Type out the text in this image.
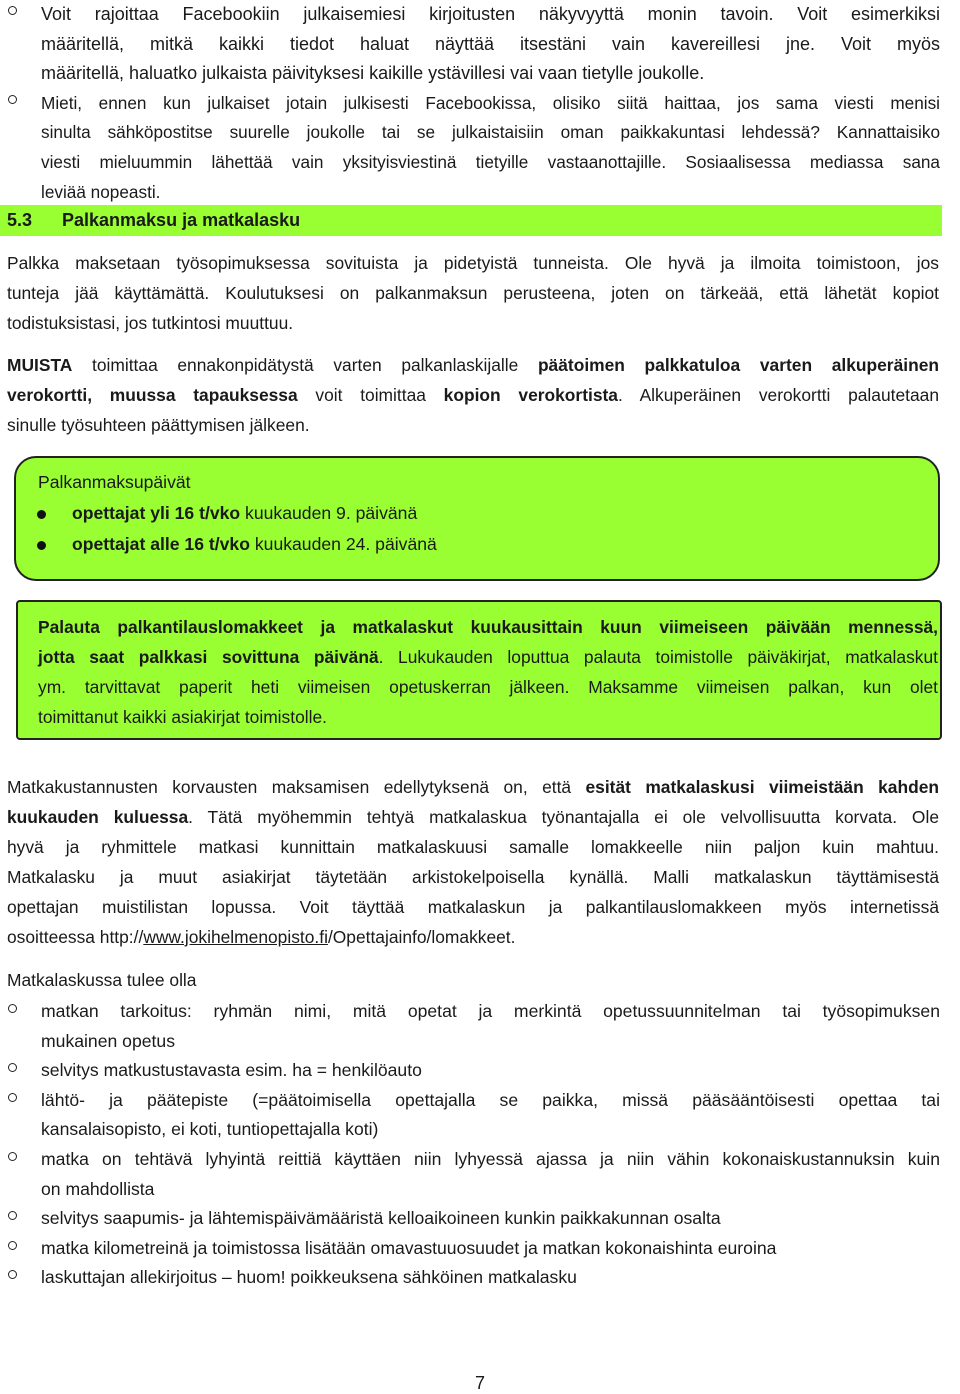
Voit rajoittaa Facebookiin julkaisemiesi kirjoitusten näkyvyyttä monin tavoin. Voit esimerkiksi
määritellä, mitkä kaikki tiedot haluat näyttää itsestäni vain kavereillesi jne. Voit myös
määritellä, haluatko julkaista päivityksesi kaikille ystävillesi vai vaan tietylle joukolle.
Mieti, ennen kun julkaiset jotain julkisesti Facebookissa, olisiko siitä haittaa, jos sama viesti menisi
sinulta sähköpostitse suurelle joukolle tai se julkaistaisiin oman paikkakuntasi lehdessä? Kannattaisiko
viesti mieluummin lähettää vain yksityisviestinä tietyille vastaanottajille. Sosiaalisessa mediassa sana
leviää nopeasti.
5.3 Palkanmaksu ja matkalasku
Palkka maksetaan työsopimuksessa sovituista ja pidetyistä tunneista. Ole hyvä ja ilmoita toimistoon, jos
tunteja jää käyttämättä. Koulutuksesi on palkanmaksun perusteena, joten on tärkeää, että lähetät kopiot
todistuksistasi, jos tutkintosi muuttuu.
MUISTA toimittaa ennakonpidätystä varten palkanlaskijalle päätoimen palkkatuloa varten alkuperäinen
verokortti, muussa tapauksessa voit toimittaa kopion verokortista. Alkuperäinen verokortti palautetaan
sinulle työsuhteen päättymisen jälkeen.
Palkanmaksupäivät
opettajat yli 16 t/vko kuukauden 9. päivänä
opettajat alle 16 t/vko kuukauden 24. päivänä
Palauta palkantilauslomakkeet ja matkalaskut kuukausittain kuun viimeiseen päivään mennessä,
jotta saat palkkasi sovittuna päivänä. Lukukauden loputtua palauta toimistolle päiväkirjat, matkalaskut
ym. tarvittavat paperit heti viimeisen opetuskerran jälkeen. Maksamme viimeisen palkan, kun olet
toimittanut kaikki asiakirjat toimistolle.
Matkakustannusten korvausten maksamisen edellytyksenä on, että esität matkalaskusi viimeistään kahden
kuukauden kuluessa. Tätä myöhemmin tehtyä matkalaskua työnantajalla ei ole velvollisuutta korvata. Ole
hyvä ja ryhmittele matkasi kunnittain matkalaskuusi samalle lomakkeelle niin paljon kuin mahtuu.
Matkalasku ja muut asiakirjat täytetään arkistokelpoisella kynällä. Malli matkalaskun täyttämisestä
opettajan muistilistan lopussa. Voit täyttää matkalaskun ja palkantilauslomakkeen myös internetissä
osoitteessa http://www.jokihelmenopisto.fi/Opettajainfo/lomakkeet.
Matkalaskussa tulee olla
matkan tarkoitus: ryhmän nimi, mitä opetat ja merkintä opetussuunnitelman tai työsopimuksen
mukainen opetus
selvitys matkustustavasta esim. ha = henkilöauto
lähtö- ja päätepiste (=päätoimisella opettajalla se paikka, missä pääsääntöisesti opettaa tai
kansalaisopisto, ei koti, tuntiopettajalla koti)
matka on tehtävä lyhyintä reittiä käyttäen niin lyhyessä ajassa ja niin vähin kokonaiskustannuksin kuin
on mahdollista
selvitys saapumis- ja lähtemispäivämääristä kelloaikoineen kunkin paikkakunnan osalta
matka kilometreinä ja toimistossa lisätään omavastuuosuudet ja matkan kokonaishinta euroina
laskuttajan allekirjoitus – huom! poikkeuksena sähköinen matkalasku
7
